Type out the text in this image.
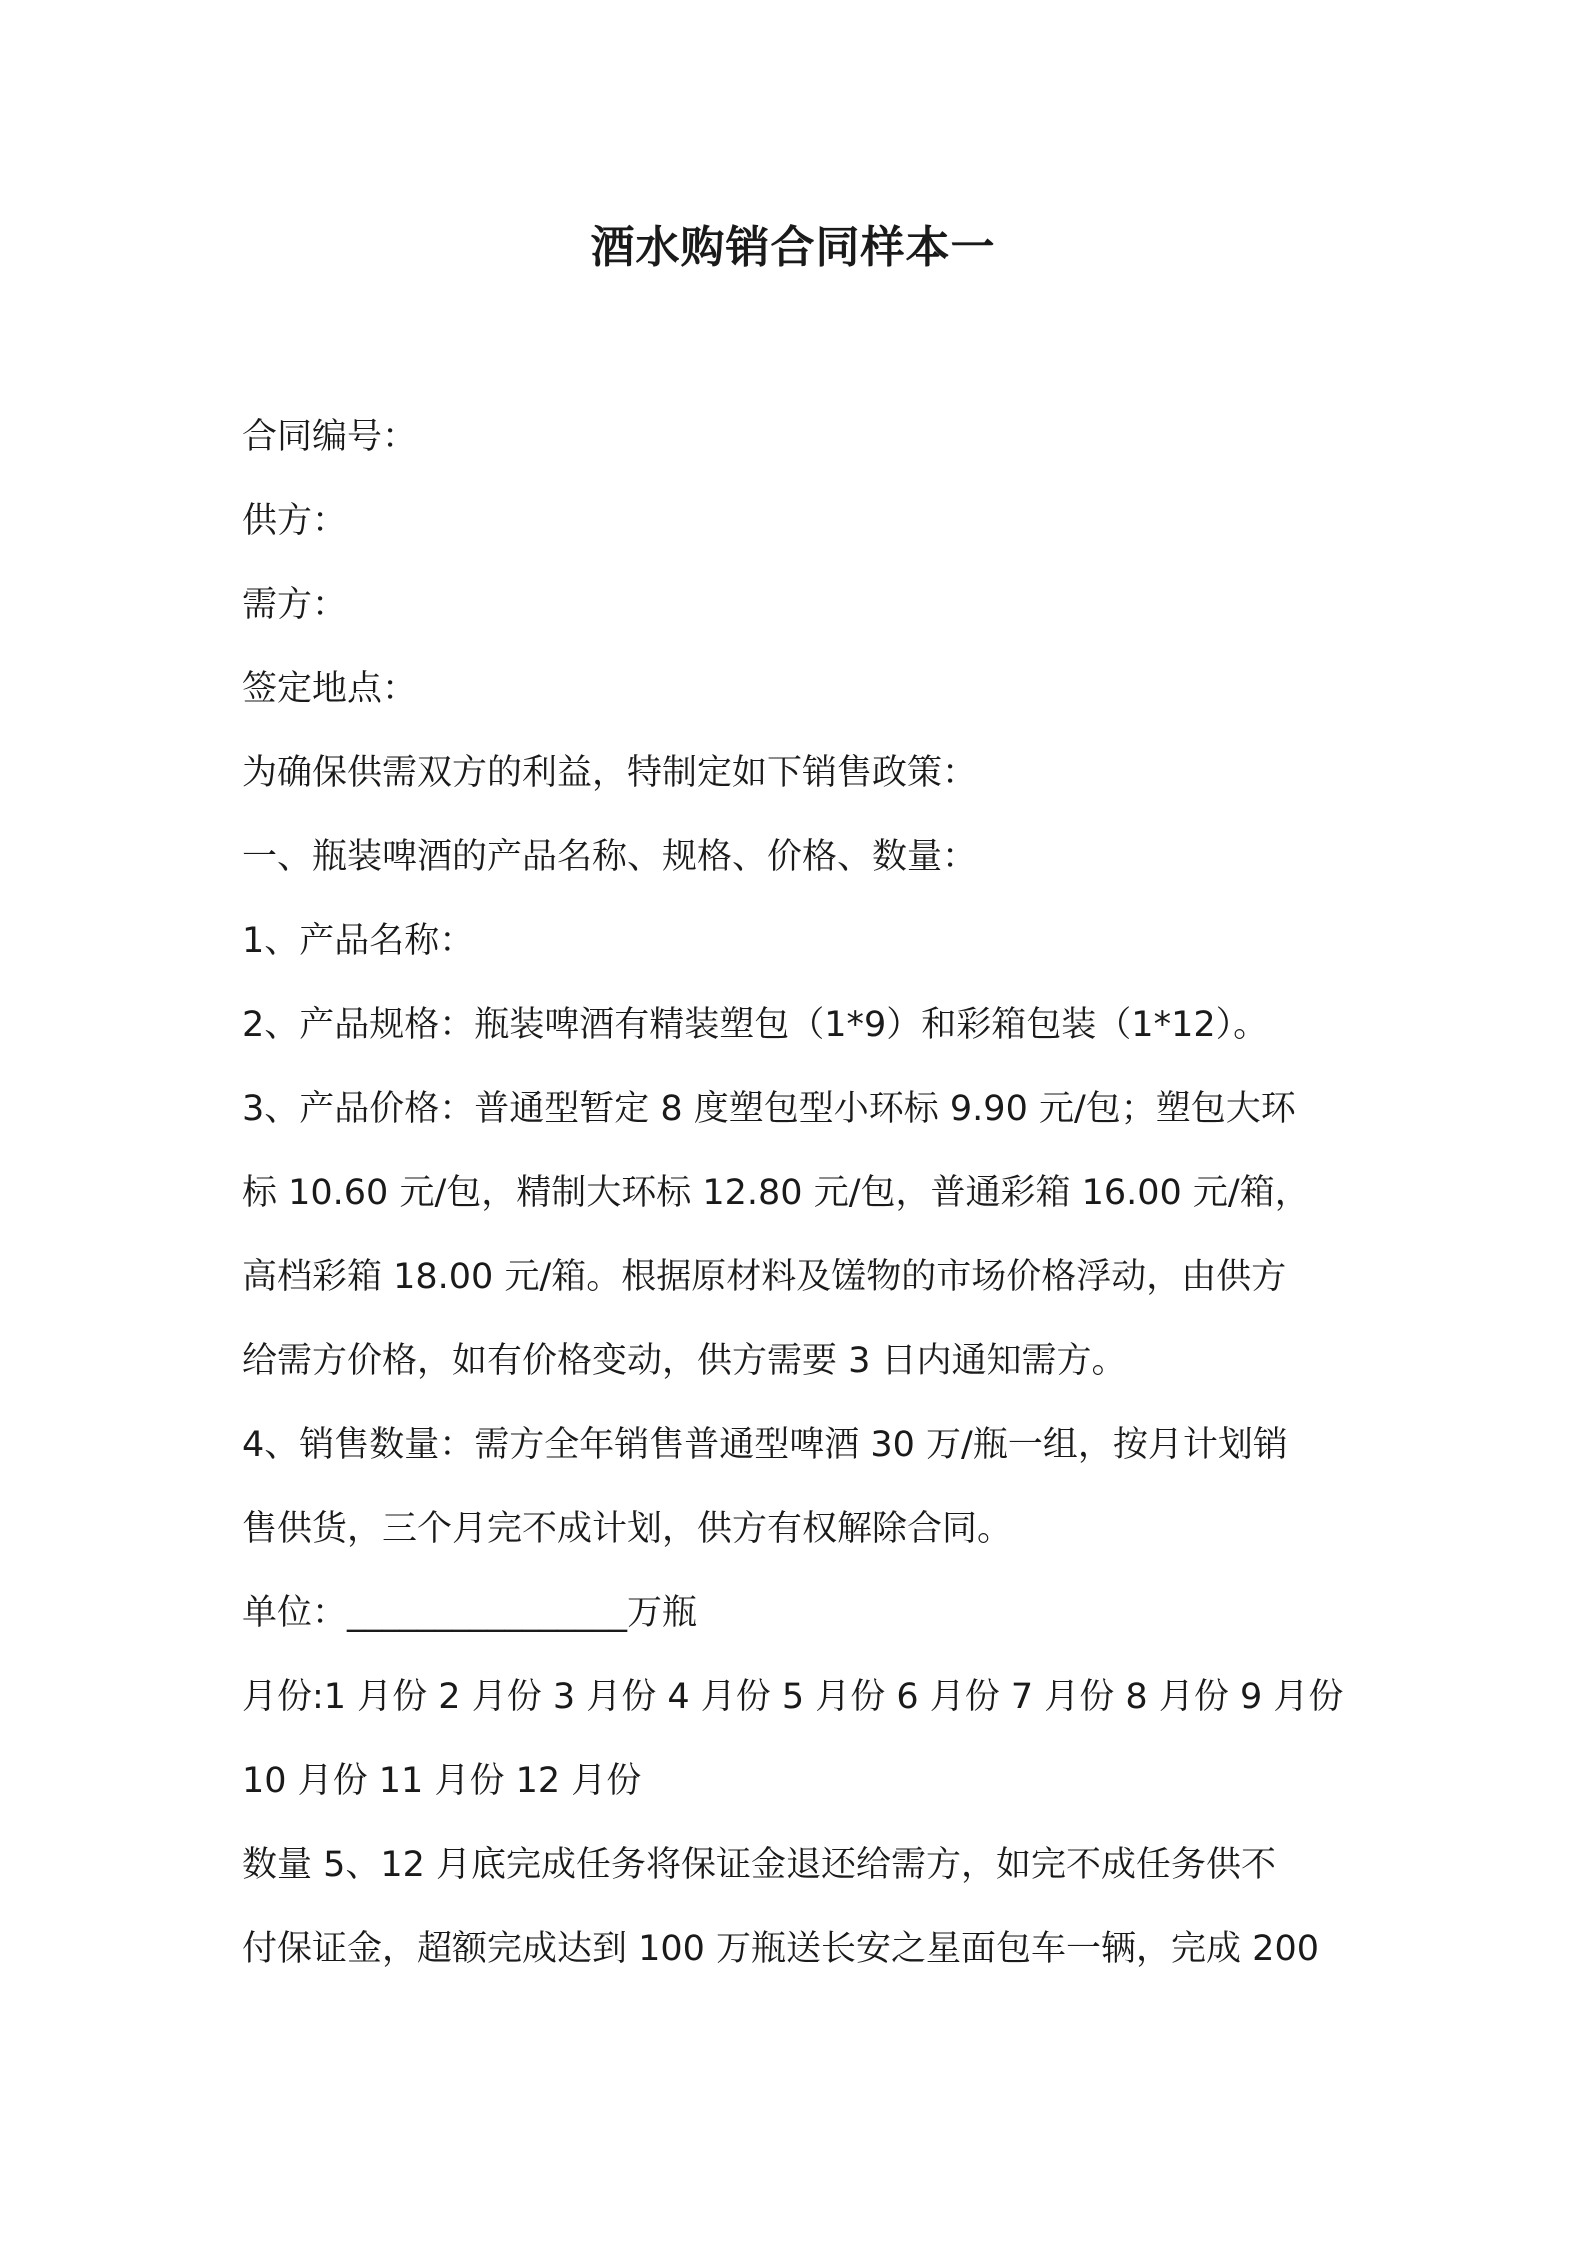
酒水购销合同样本一
合同编号：
供方：
需方：
签定地点：
为确保供需双方的利益，特制定如下销售政策：
一、瓶装啤酒的产品名称、规格、价格、数量：
1、产品名称：
2、产品规格：瓶装啤酒有精装塑包（1*9）和彩箱包装（1*12）。
3、产品价格：普通型暂定 8 度塑包型小环标 9.90 元/包；塑包大环
标 10.60 元/包，精制大环标 12.80 元/包，普通彩箱 16.00 元/箱，
高档彩箱 18.00 元/箱。根据原材料及馐物的市场价格浮动，由供方
给需方价格，如有价格变动，供方需要 3 日内通知需方。
4、销售数量：需方全年销售普通型啤酒 30 万/瓶一组，按月计划销
售供货，三个月完不成计划，供方有权解除合同。
单位：________________万瓶
月份:1 月份 2 月份 3 月份 4 月份 5 月份 6 月份 7 月份 8 月份 9 月份
10 月份 11 月份 12 月份
数量 5、12 月底完成任务将保证金退还给需方，如完不成任务供不
付保证金，超额完成达到 100 万瓶送长安之星面包车一辆，完成 200
